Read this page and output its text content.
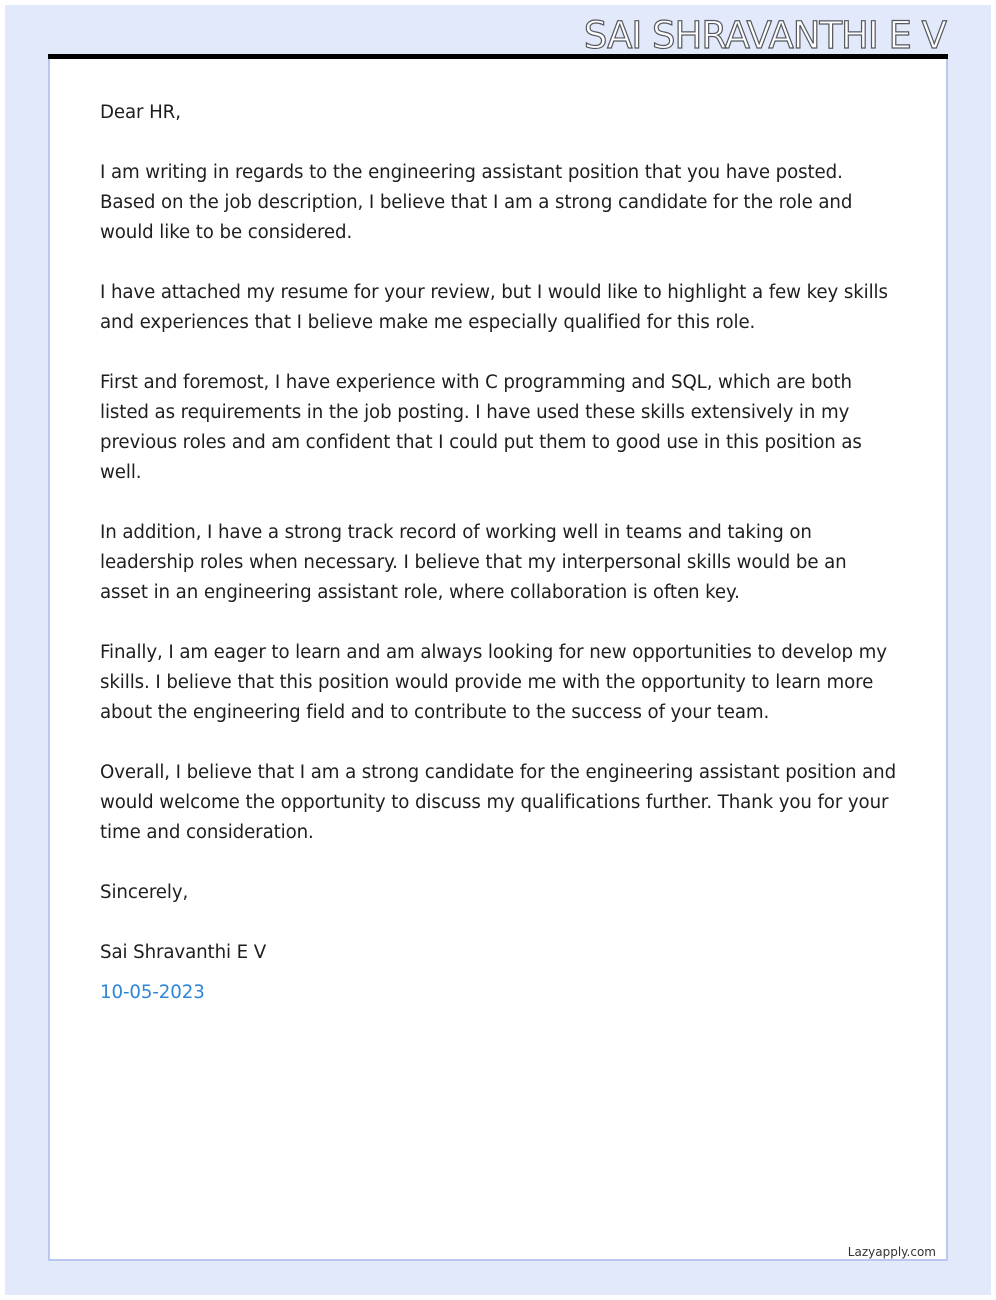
SAI SHRAVANTHI E V

Dear HR,

I am writing in regards to the engineering assistant position that you have posted. Based on the job description, I believe that I am a strong candidate for the role and would like to be considered.

I have attached my resume for your review, but I would like to highlight a few key skills and experiences that I believe make me especially qualified for this role.

First and foremost, I have experience with C programming and SQL, which are both listed as requirements in the job posting. I have used these skills extensively in my previous roles and am confident that I could put them to good use in this position as well.

In addition, I have a strong track record of working well in teams and taking on leadership roles when necessary. I believe that my interpersonal skills would be an asset in an engineering assistant role, where collaboration is often key.

Finally, I am eager to learn and am always looking for new opportunities to develop my skills. I believe that this position would provide me with the opportunity to learn more about the engineering field and to contribute to the success of your team.

Overall, I believe that I am a strong candidate for the engineering assistant position and would welcome the opportunity to discuss my qualifications further. Thank you for your time and consideration.

Sincerely,

Sai Shravanthi E V

10-05-2023

Lazyapply.com
